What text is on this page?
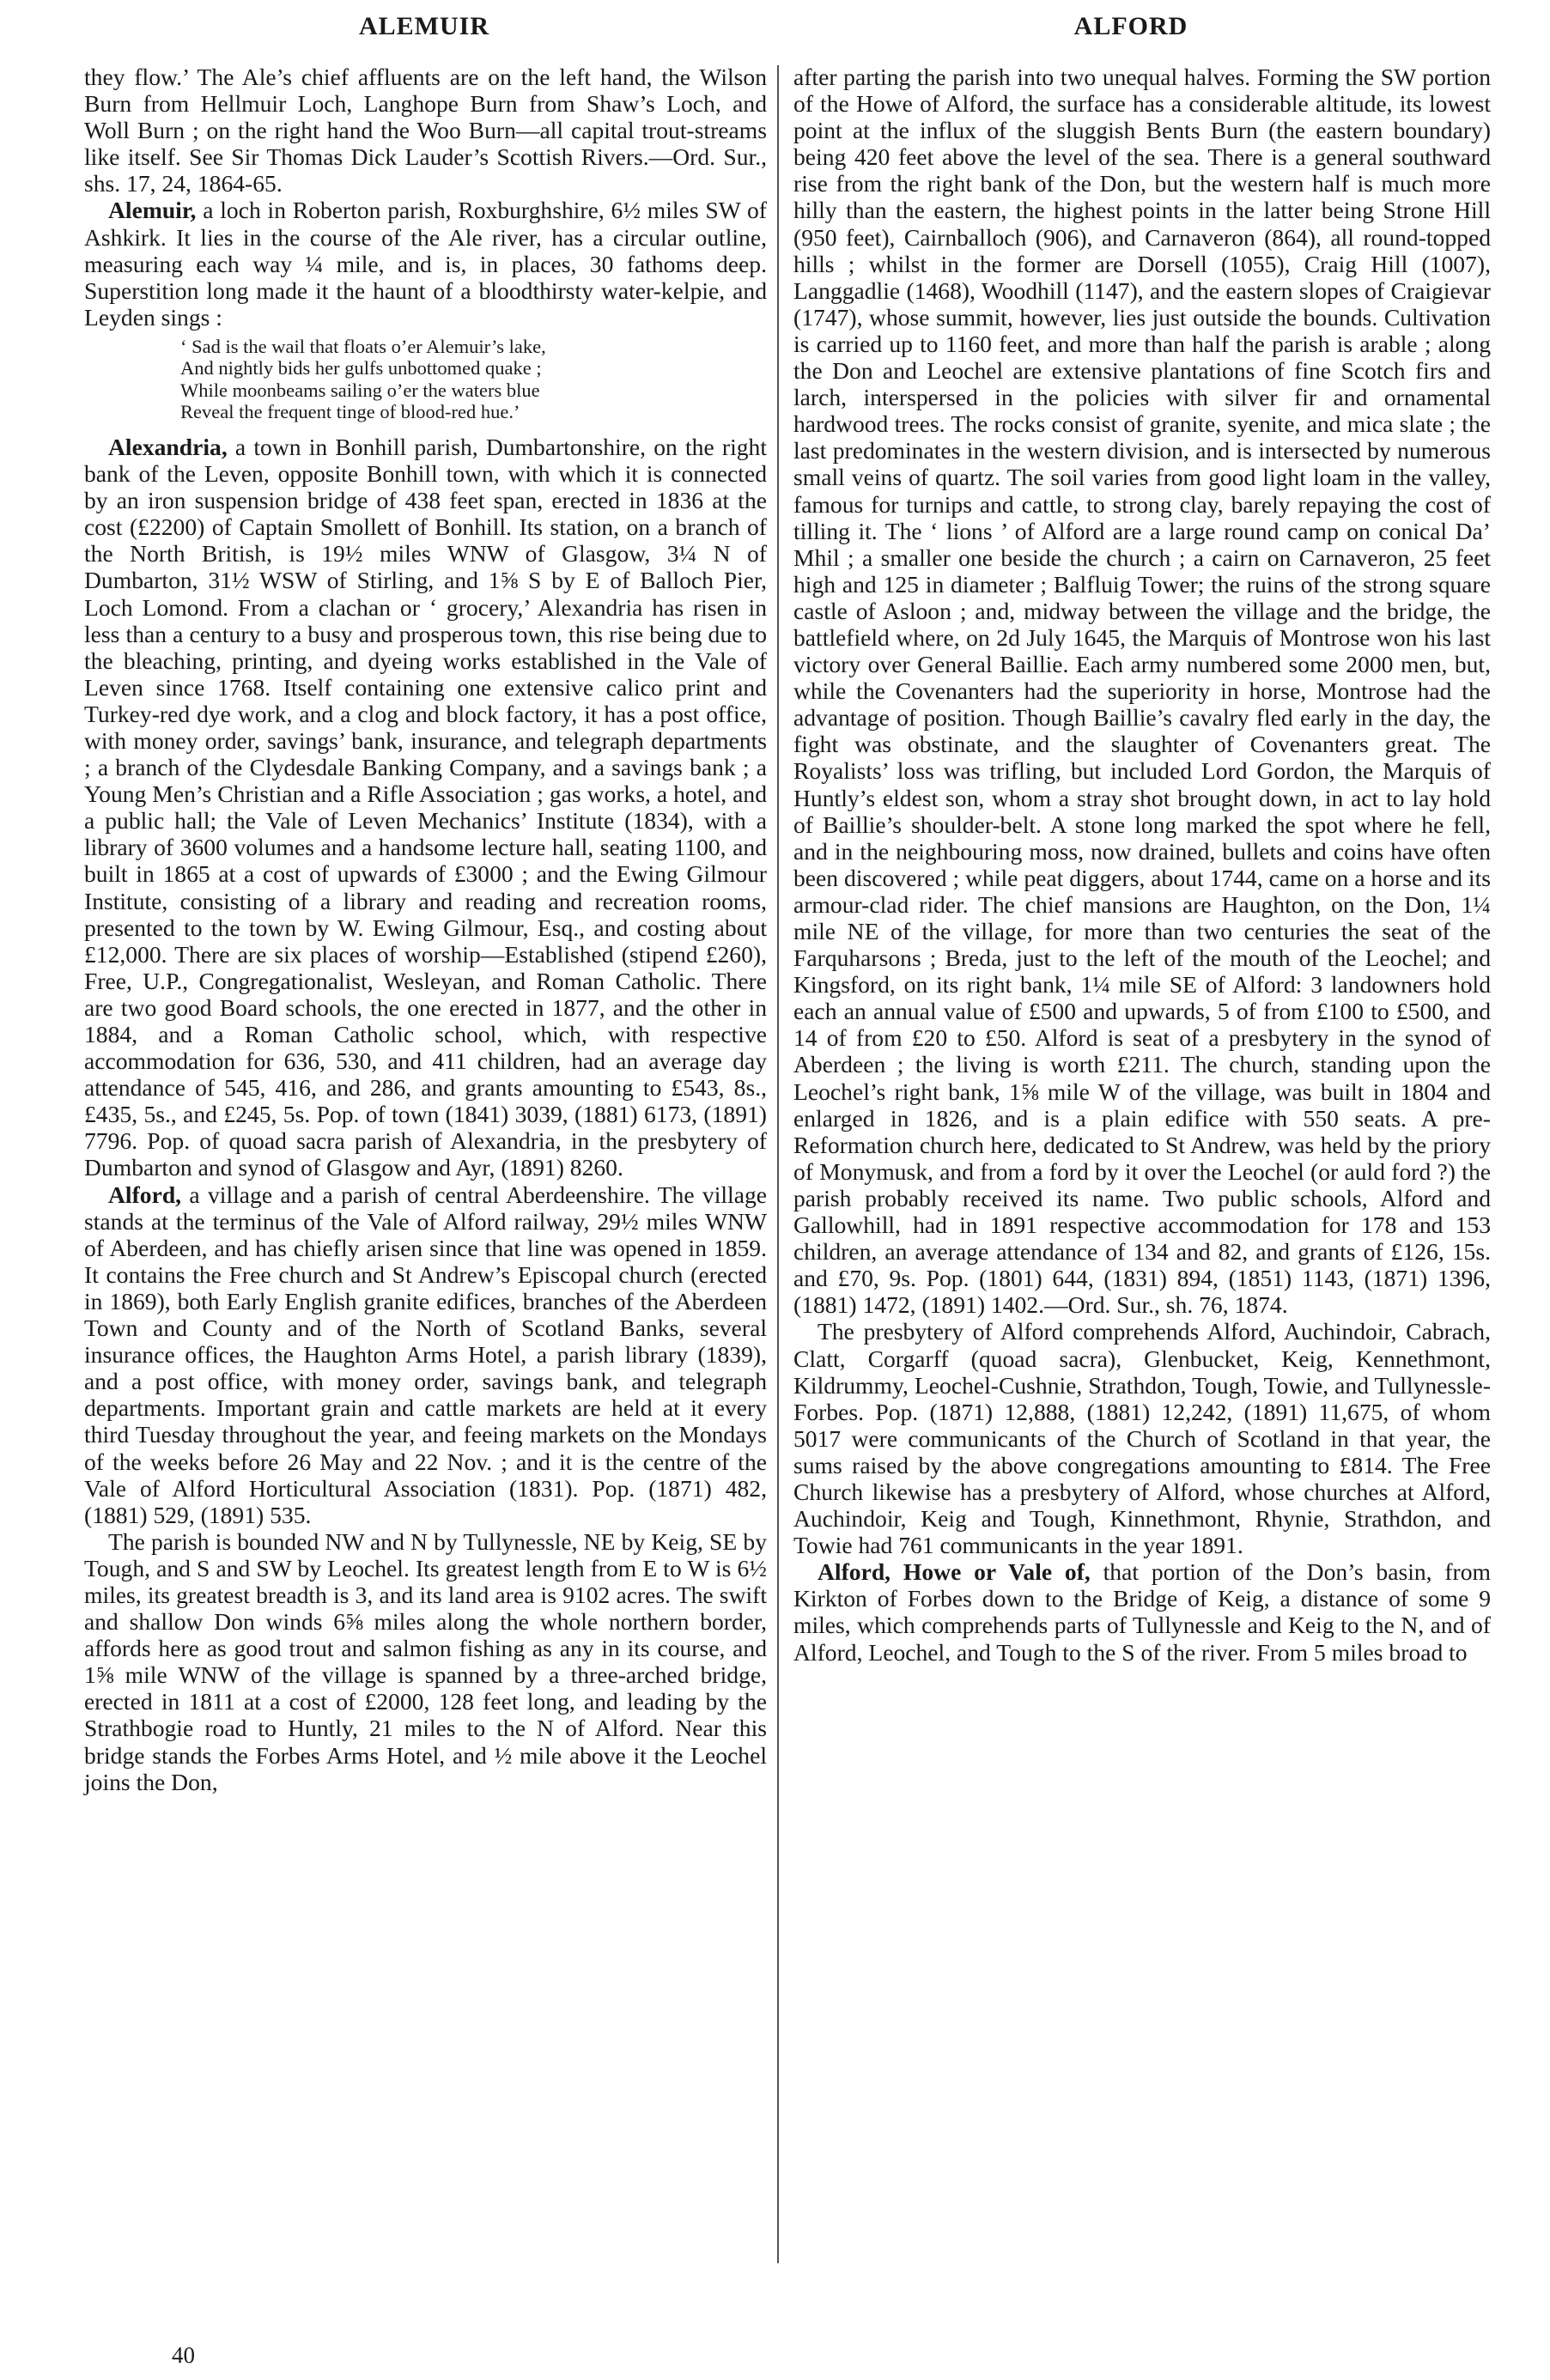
ALEMUIR	ALFORD

they flow.’ The Ale’s chief affluents are on the left hand, the Wilson Burn from Hellmuir Loch, Langhope Burn from Shaw’s Loch, and Woll Burn ; on the right hand the Woo Burn—all capital trout-streams like itself. See Sir Thomas Dick Lauder’s Scottish Rivers.—Ord. Sur., shs. 17, 24, 1864-65.

Alemuir, a loch in Roberton parish, Roxburghshire, 6½ miles SW of Ashkirk. It lies in the course of the Ale river, has a circular outline, measuring each way ¼ mile, and is, in places, 30 fathoms deep. Superstition long made it the haunt of a bloodthirsty water-kelpie, and Leyden sings :

‘ Sad is the wail that floats o’er Alemuir’s lake,
And nightly bids her gulfs unbottomed quake ;
While moonbeams sailing o’er the waters blue
Reveal the frequent tinge of blood-red hue.’

Alexandria, a town in Bonhill parish, Dumbartonshire, on the right bank of the Leven, opposite Bonhill town, with which it is connected by an iron suspension bridge of 438 feet span, erected in 1836 at the cost (£2200) of Captain Smollett of Bonhill. Its station, on a branch of the North British, is 19½ miles WNW of Glasgow, 3¼ N of Dumbarton, 31½ WSW of Stirling, and 1⅝ S by E of Balloch Pier, Loch Lomond. From a clachan or ‘ grocery,’ Alexandria has risen in less than a century to a busy and prosperous town, this rise being due to the bleaching, printing, and dyeing works established in the Vale of Leven since 1768. Itself containing one extensive calico print and Turkey-red dye work, and a clog and block factory, it has a post office, with money order, savings’ bank, insurance, and telegraph departments ; a branch of the Clydesdale Banking Company, and a savings bank ; a Young Men’s Christian and a Rifle Association ; gas works, a hotel, and a public hall; the Vale of Leven Mechanics’ Institute (1834), with a library of 3600 volumes and a handsome lecture hall, seating 1100, and built in 1865 at a cost of upwards of £3000 ; and the Ewing Gilmour Institute, consisting of a library and reading and recreation rooms, presented to the town by W. Ewing Gilmour, Esq., and costing about £12,000. There are six places of worship—Established (stipend £260), Free, U.P., Congregationalist, Wesleyan, and Roman Catholic. There are two good Board schools, the one erected in 1877, and the other in 1884, and a Roman Catholic school, which, with respective accommodation for 636, 530, and 411 children, had an average day attendance of 545, 416, and 286, and grants amounting to £543, 8s., £435, 5s., and £245, 5s. Pop. of town (1841) 3039, (1881) 6173, (1891) 7796. Pop. of quoad sacra parish of Alexandria, in the presbytery of Dumbarton and synod of Glasgow and Ayr, (1891) 8260.

Alford, a village and a parish of central Aberdeenshire. The village stands at the terminus of the Vale of Alford railway, 29½ miles WNW of Aberdeen, and has chiefly arisen since that line was opened in 1859. It contains the Free church and St Andrew’s Episcopal church (erected in 1869), both Early English granite edifices, branches of the Aberdeen Town and County and of the North of Scotland Banks, several insurance offices, the Haughton Arms Hotel, a parish library (1839), and a post office, with money order, savings bank, and telegraph departments. Important grain and cattle markets are held at it every third Tuesday throughout the year, and feeing markets on the Mondays of the weeks before 26 May and 22 Nov. ; and it is the centre of the Vale of Alford Horticultural Association (1831). Pop. (1871) 482, (1881) 529, (1891) 535.

The parish is bounded NW and N by Tullynessle, NE by Keig, SE by Tough, and S and SW by Leochel. Its greatest length from E to W is 6½ miles, its greatest breadth is 3, and its land area is 9102 acres. The swift and shallow Don winds 6⅝ miles along the whole northern border, affords here as good trout and salmon fishing as any in its course, and 1⅝ mile WNW of the village is spanned by a three-arched bridge, erected in 1811 at a cost of £2000, 128 feet long, and leading by the Strathbogie road to Huntly, 21 miles to the N of Alford. Near this bridge stands the Forbes Arms Hotel, and ½ mile above it the Leochel joins the Don,

after parting the parish into two unequal halves. Forming the SW portion of the Howe of Alford, the surface has a considerable altitude, its lowest point at the influx of the sluggish Bents Burn (the eastern boundary) being 420 feet above the level of the sea. There is a general southward rise from the right bank of the Don, but the western half is much more hilly than the eastern, the highest points in the latter being Strone Hill (950 feet), Cairnballoch (906), and Carnaveron (864), all round-topped hills ; whilst in the former are Dorsell (1055), Craig Hill (1007), Langgadlie (1468), Woodhill (1147), and the eastern slopes of Craigievar (1747), whose summit, however, lies just outside the bounds. Cultivation is carried up to 1160 feet, and more than half the parish is arable ; along the Don and Leochel are extensive plantations of fine Scotch firs and larch, interspersed in the policies with silver fir and ornamental hardwood trees. The rocks consist of granite, syenite, and mica slate ; the last predominates in the western division, and is intersected by numerous small veins of quartz. The soil varies from good light loam in the valley, famous for turnips and cattle, to strong clay, barely repaying the cost of tilling it. The ‘ lions ’ of Alford are a large round camp on conical Da’ Mhil ; a smaller one beside the church ; a cairn on Carnaveron, 25 feet high and 125 in diameter ; Balfluig Tower; the ruins of the strong square castle of Asloon ; and, midway between the village and the bridge, the battlefield where, on 2d July 1645, the Marquis of Montrose won his last victory over General Baillie. Each army numbered some 2000 men, but, while the Covenanters had the superiority in horse, Montrose had the advantage of position. Though Baillie’s cavalry fled early in the day, the fight was obstinate, and the slaughter of Covenanters great. The Royalists’ loss was trifling, but included Lord Gordon, the Marquis of Huntly’s eldest son, whom a stray shot brought down, in act to lay hold of Baillie’s shoulder-belt. A stone long marked the spot where he fell, and in the neighbouring moss, now drained, bullets and coins have often been discovered ; while peat diggers, about 1744, came on a horse and its armour-clad rider. The chief mansions are Haughton, on the Don, 1¼ mile NE of the village, for more than two centuries the seat of the Farquharsons ; Breda, just to the left of the mouth of the Leochel; and Kingsford, on its right bank, 1¼ mile SE of Alford: 3 landowners hold each an annual value of £500 and upwards, 5 of from £100 to £500, and 14 of from £20 to £50. Alford is seat of a presbytery in the synod of Aberdeen ; the living is worth £211. The church, standing upon the Leochel’s right bank, 1⅝ mile W of the village, was built in 1804 and enlarged in 1826, and is a plain edifice with 550 seats. A pre-Reformation church here, dedicated to St Andrew, was held by the priory of Monymusk, and from a ford by it over the Leochel (or auld ford ?) the parish probably received its name. Two public schools, Alford and Gallowhill, had in 1891 respective accommodation for 178 and 153 children, an average attendance of 134 and 82, and grants of £126, 15s. and £70, 9s. Pop. (1801) 644, (1831) 894, (1851) 1143, (1871) 1396, (1881) 1472, (1891) 1402.—Ord. Sur., sh. 76, 1874.

The presbytery of Alford comprehends Alford, Auchindoir, Cabrach, Clatt, Corgarff (quoad sacra), Glenbucket, Keig, Kennethmont, Kildrummy, Leochel-Cushnie, Strathdon, Tough, Towie, and Tullynessle-Forbes. Pop. (1871) 12,888, (1881) 12,242, (1891) 11,675, of whom 5017 were communicants of the Church of Scotland in that year, the sums raised by the above congregations amounting to £814. The Free Church likewise has a presbytery of Alford, whose churches at Alford, Auchindoir, Keig and Tough, Kinnethmont, Rhynie, Strathdon, and Towie had 761 communicants in the year 1891.

Alford, Howe or Vale of, that portion of the Don’s basin, from Kirkton of Forbes down to the Bridge of Keig, a distance of some 9 miles, which comprehends parts of Tullynessle and Keig to the N, and of Alford, Leochel, and Tough to the S of the river. From 5 miles broad to

40
